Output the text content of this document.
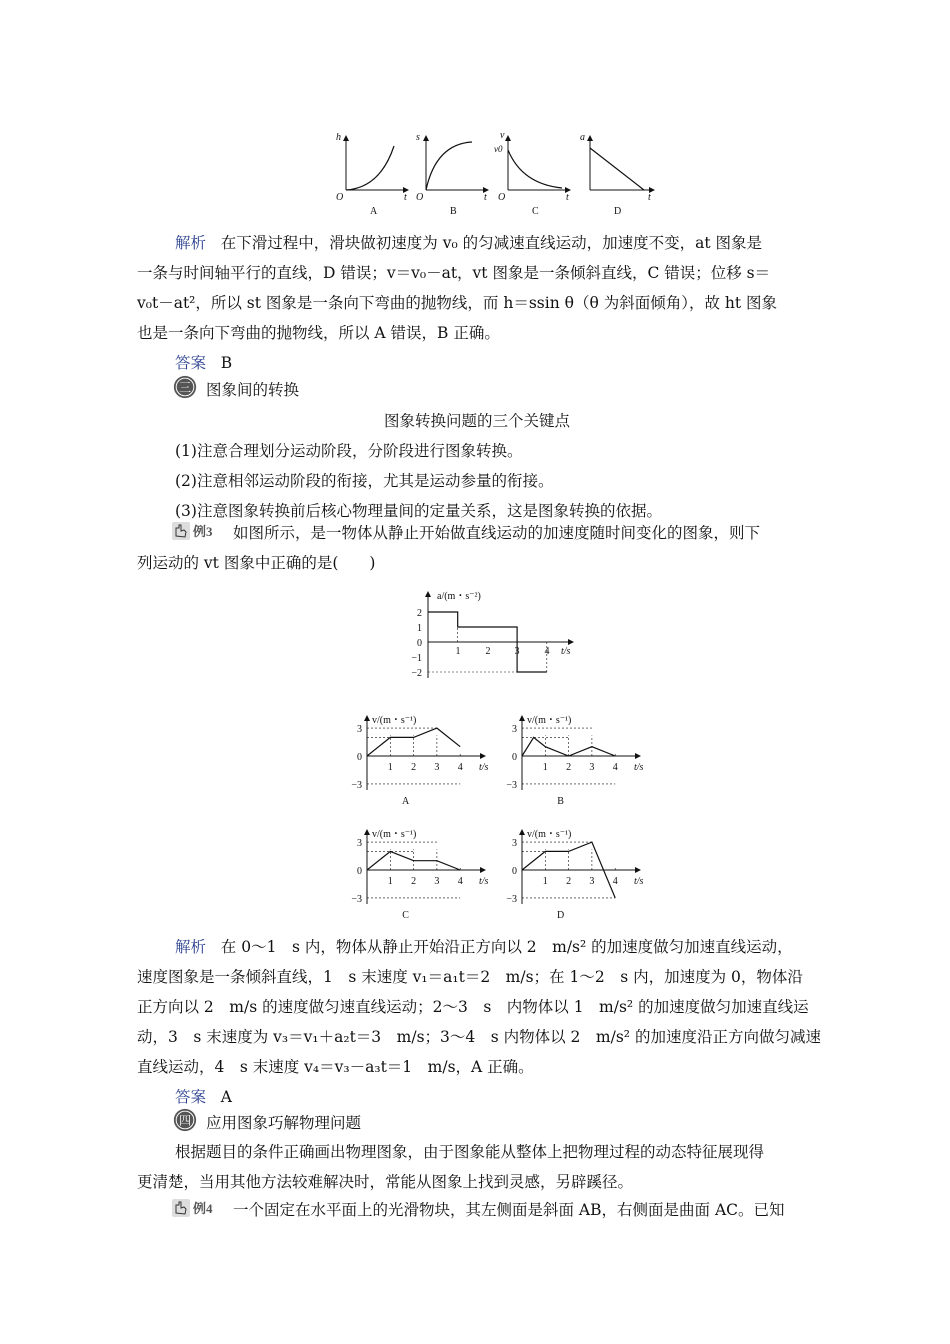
h
O	t
A
s
O	t
B
v
v0
O	t
C
a
t
D
解析 在下滑过程中，滑块做初速度为 v₀ 的匀减速直线运动，加速度不变，at 图象是
一条与时间轴平行的直线，D 错误；v＝v₀－at，vt 图象是一条倾斜直线，C 错误；位移 s＝
v₀t－at²，所以 st 图象是一条向下弯曲的抛物线，而 h＝ssin θ（θ 为斜面倾角），故 ht 图象
也是一条向下弯曲的抛物线，所以 A 错误，B 正确。
答案 B
三 图象间的转换
图象转换问题的三个关键点
(1)注意合理划分运动阶段，分阶段进行图象转换。
(2)注意相邻运动阶段的衔接，尤其是运动参量的衔接。
(3)注意图象转换前后核心物理量间的定量关系，这是图象转换的依据。
例3	如图所示，是一物体从静止开始做直线运动的加速度随时间变化的图象，则下
列运动的 vt 图象中正确的是(　　)
a/(m・s⁻²)
t/s
2
1
0
−1
−2
1	2 3	4
v/(m・s⁻¹)
t/s
3
0
−3
1 2 3 4
A
v/(m・s⁻¹)
t/s
3
0
−3
1 2 3 4
B
v/(m・s⁻¹)
t/s
3
0
−3
1 2 3 4
C
v/(m・s⁻¹)
t/s
3
0
−3
1 2 3 4
D
解析 在 0～1　s 内，物体从静止开始沿正方向以 2　m/s² 的加速度做匀加速直线运动，
速度图象是一条倾斜直线，1　s 末速度 v₁＝a₁t＝2　m/s；在 1～2　s 内，加速度为 0，物体沿
正方向以 2　m/s 的速度做匀速直线运动；2～3　s　内物体以 1　m/s² 的加速度做匀加速直线运
动，3　s 末速度为 v₃＝v₁＋a₂t＝3　m/s；3～4　s 内物体以 2　m/s² 的加速度沿正方向做匀减速
直线运动，4　s 末速度 v₄＝v₃－a₃t＝1　m/s，A 正确。
答案 A
四 应用图象巧解物理问题
根据题目的条件正确画出物理图象，由于图象能从整体上把物理过程的动态特征展现得
更清楚，当用其他方法较难解决时，常能从图象上找到灵感，另辟蹊径。
例4	一个固定在水平面上的光滑物块，其左侧面是斜面 AB，右侧面是曲面 AC。已知
